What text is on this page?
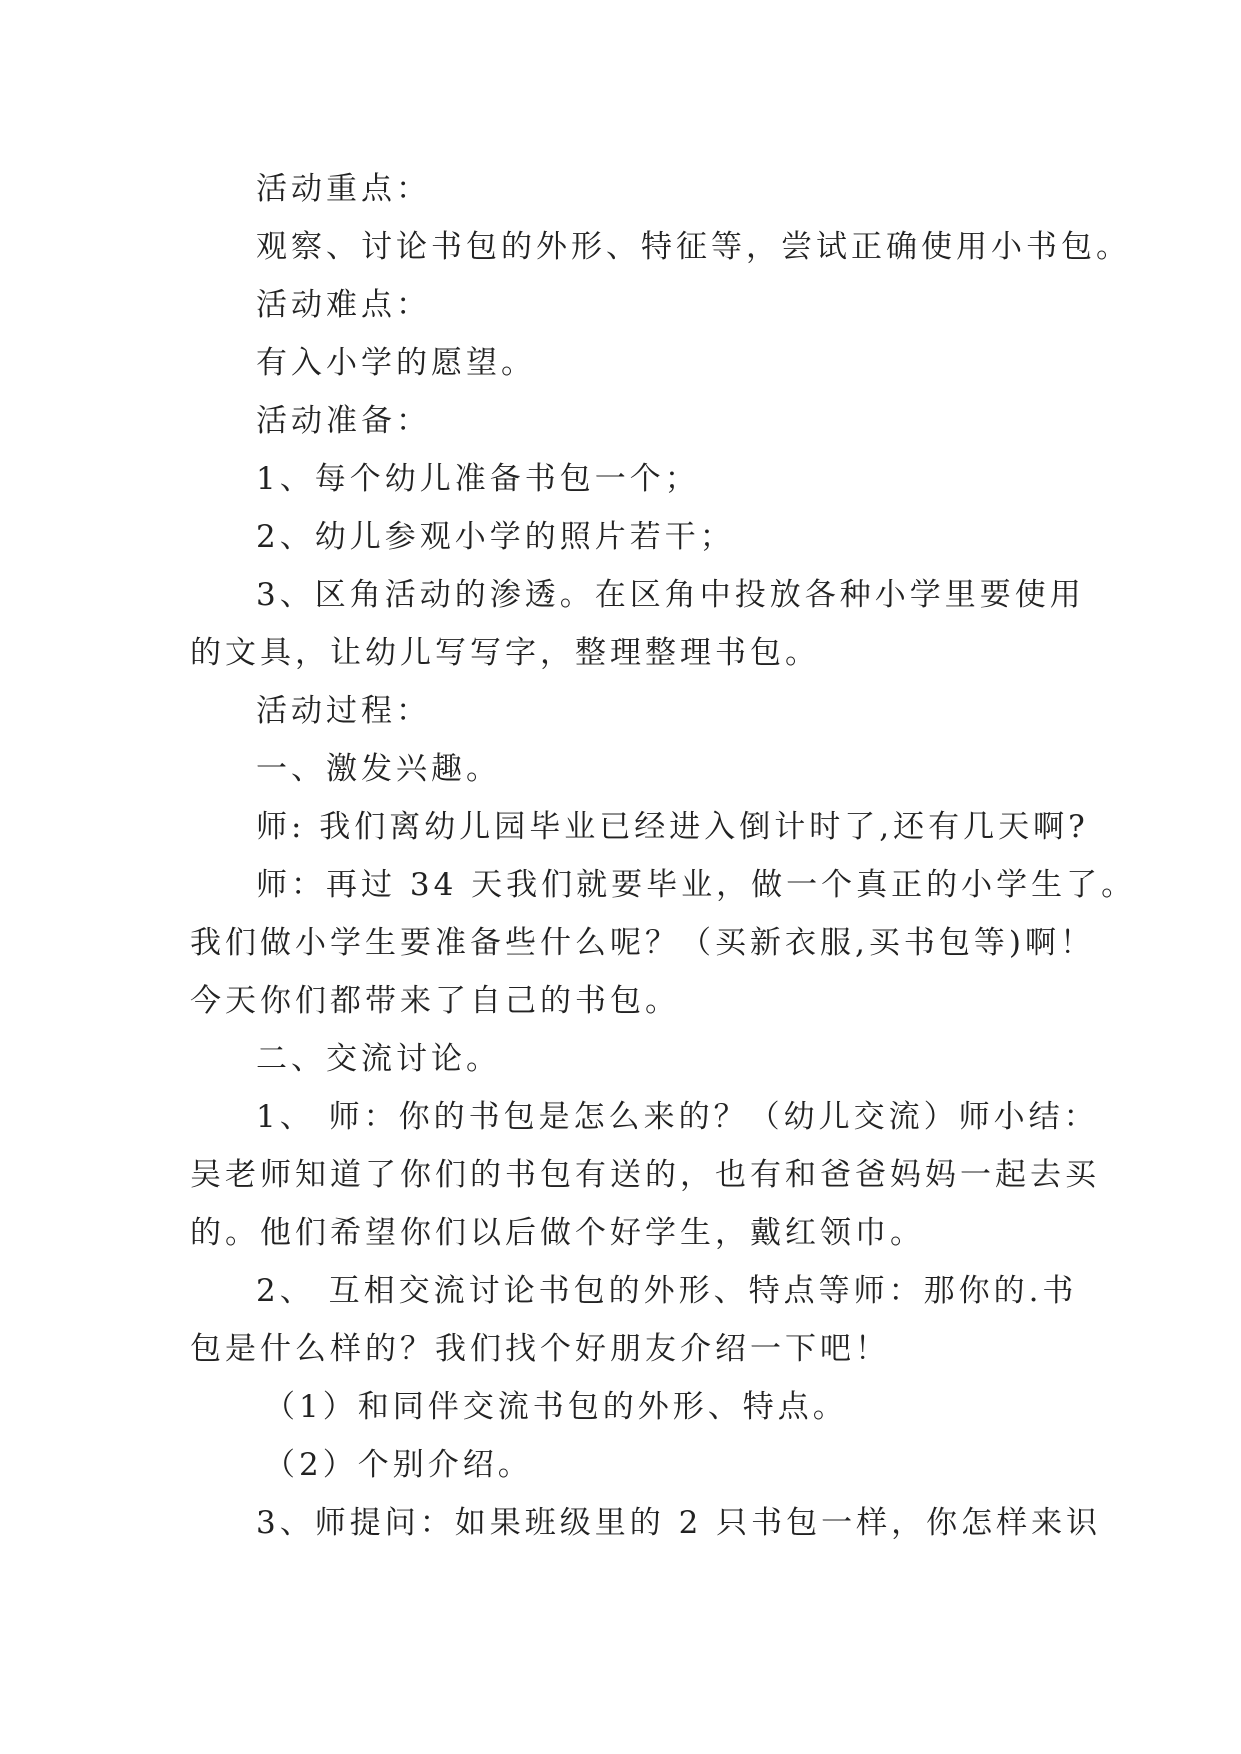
活动重点：
观察、讨论书包的外形、特征等，尝试正确使用小书包。
活动难点：
有入小学的愿望。
活动准备：
1、每个幼儿准备书包一个；
2、幼儿参观小学的照片若干；
3、区角活动的渗透。在区角中投放各种小学里要使用
的文具，让幼儿写写字，整理整理书包。
活动过程：
一、激发兴趣。
师: 我们离幼儿园毕业已经进入倒计时了,还有几天啊?
师：再过 34 天我们就要毕业，做一个真正的小学生了。
我们做小学生要准备些什么呢？（买新衣服,买书包等)啊！
今天你们都带来了自己的书包。
二、交流讨论。
1、 师：你的书包是怎么来的？（幼儿交流）师小结：
吴老师知道了你们的书包有送的，也有和爸爸妈妈一起去买
的。他们希望你们以后做个好学生，戴红领巾。
2、 互相交流讨论书包的外形、特点等师：那你的.书
包是什么样的？我们找个好朋友介绍一下吧！
（1）和同伴交流书包的外形、特点。
（2）个别介绍。
3、师提问：如果班级里的 2 只书包一样，你怎样来识
